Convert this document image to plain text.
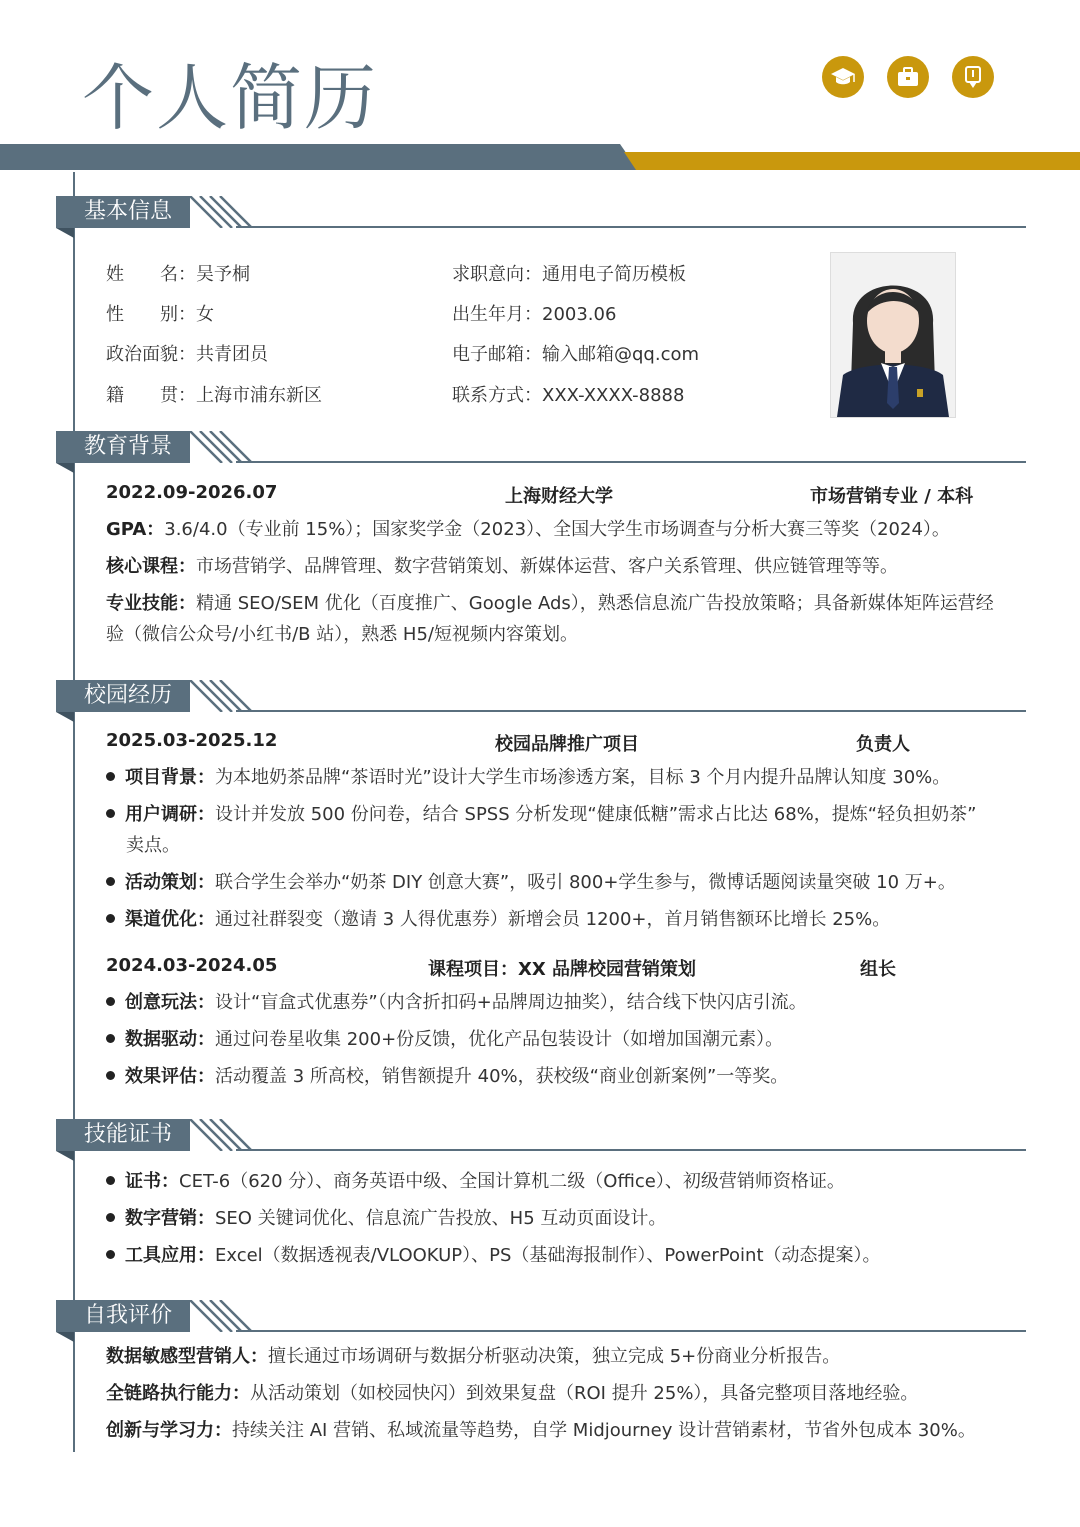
个人简历
基本信息
姓　　名：吴予桐
性　　别：女
政治面貌：共青团员
籍　　贯：上海市浦东新区
求职意向：通用电子简历模板
出生年月：2003.06
电子邮箱：输入邮箱@qq.com
联系方式：XXX-XXXX-8888
教育背景
2022.09-2026.07	上海财经大学	市场营销专业 / 本科
GPA：3.6/4.0（专业前 15%）；国家奖学金（2023）、全国大学生市场调查与分析大赛三等奖（2024）。
核心课程：市场营销学、品牌管理、数字营销策划、新媒体运营、客户关系管理、供应链管理等等。
专业技能：精通 SEO/SEM 优化（百度推广、Google Ads），熟悉信息流广告投放策略；具备新媒体矩阵运营经
验（微信公众号/小红书/B 站），熟悉 H5/短视频内容策划。
校园经历
2025.03-2025.12	校园品牌推广项目	负责人
项目背景：为本地奶茶品牌“茶语时光”设计大学生市场渗透方案，目标 3 个月内提升品牌认知度 30%。
用户调研：设计并发放 500 份问卷，结合 SPSS 分析发现“健康低糖”需求占比达 68%，提炼“轻负担奶茶”
卖点。
活动策划：联合学生会举办“奶茶 DIY 创意大赛”，吸引 800+学生参与，微博话题阅读量突破 10 万+。
渠道优化：通过社群裂变（邀请 3 人得优惠券）新增会员 1200+，首月销售额环比增长 25%。
2024.03-2024.05	课程项目：XX 品牌校园营销策划	组长
创意玩法：设计“盲盒式优惠券”（内含折扣码+品牌周边抽奖），结合线下快闪店引流。
数据驱动：通过问卷星收集 200+份反馈，优化产品包装设计（如增加国潮元素）。
效果评估：活动覆盖 3 所高校，销售额提升 40%，获校级“商业创新案例”一等奖。
技能证书
证书：CET-6（620 分）、商务英语中级、全国计算机二级（Office）、初级营销师资格证。
数字营销：SEO 关键词优化、信息流广告投放、H5 互动页面设计。
工具应用：Excel（数据透视表/VLOOKUP）、PS（基础海报制作）、PowerPoint（动态提案）。
自我评价
数据敏感型营销人：擅长通过市场调研与数据分析驱动决策，独立完成 5+份商业分析报告。
全链路执行能力：从活动策划（如校园快闪）到效果复盘（ROI 提升 25%），具备完整项目落地经验。
创新与学习力：持续关注 AI 营销、私域流量等趋势，自学 Midjourney 设计营销素材，节省外包成本 30%。
